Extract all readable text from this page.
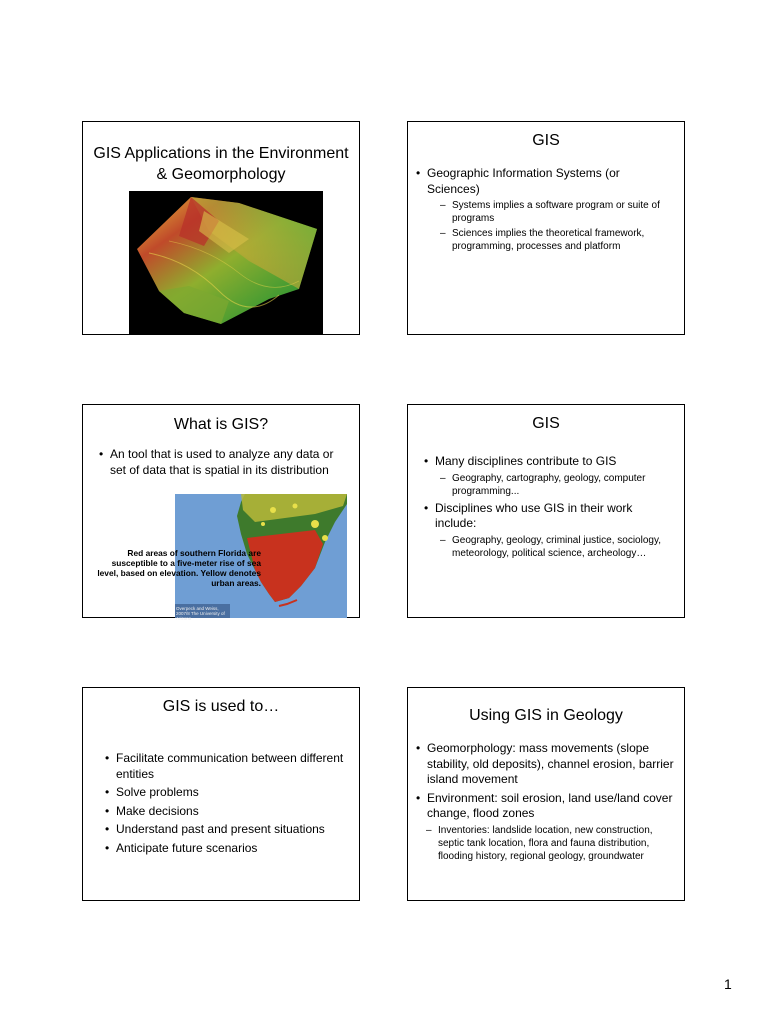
GIS Applications in the Environment & Geomorphology
GIS
• Geographic Information Systems (or Sciences)
– Systems implies a software program or suite of programs
– Sciences implies the theoretical framework, programming, processes and platform
What is GIS?
• An tool that is used to analyze any data or set of data that is spatial in its distribution
Red areas of southern Florida are susceptible to a five-meter rise of sea level, based on elevation. Yellow denotes urban areas.
Overpeck and Weiss, 2007/8 The University of Arizona
GIS
• Many disciplines contribute to GIS
– Geography, cartography, geology, computer programming...
• Disciplines who use GIS in their work include:
– Geography, geology, criminal justice, sociology, meteorology, political science, archeology…
GIS is used to…
• Facilitate communication between different entities
• Solve problems
• Make decisions
• Understand past and present situations
• Anticipate future scenarios
Using GIS in Geology
• Geomorphology: mass movements (slope stability, old deposits), channel erosion, barrier island movement
• Environment: soil erosion, land use/land cover change, flood zones
– Inventories: landslide location, new construction, septic tank location, flora and fauna distribution, flooding history, regional geology, groundwater
1
